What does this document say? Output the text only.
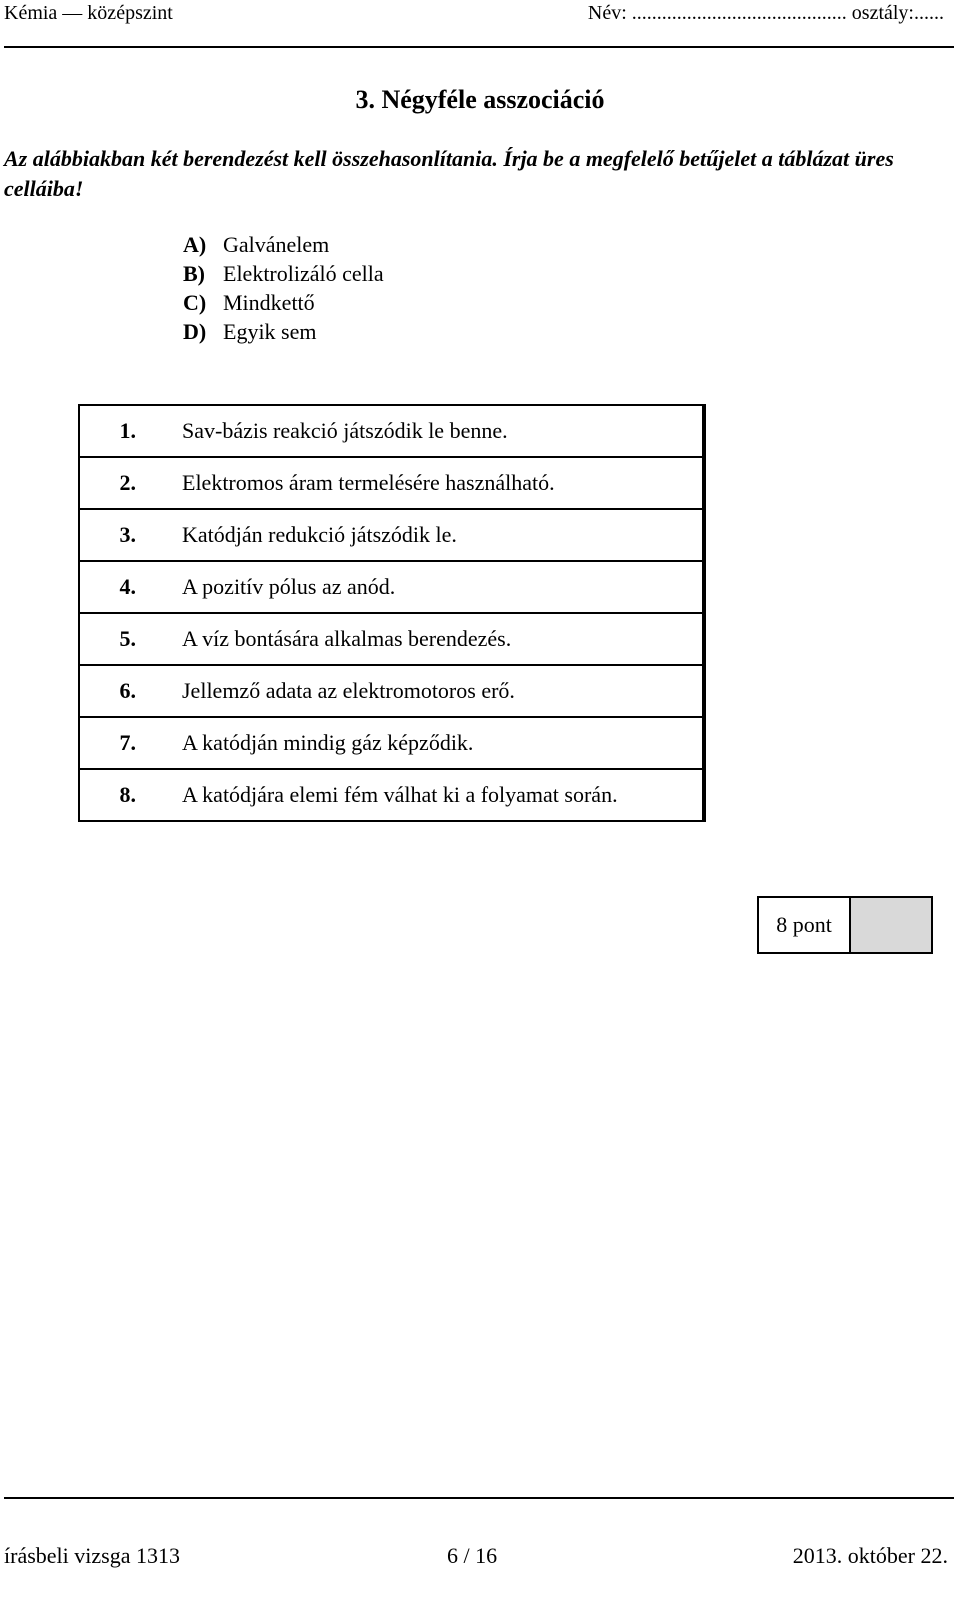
Kémia — középszint	Név: ........................................... osztály:......
3. Négyféle asszociáció
Az alábbiakban két berendezést kell összehasonlítania. Írja be a megfelelő betűjelet a táblázat üres celláiba!
A) Galvánelem
B) Elektrolizáló cella
C) Mindkettő
D) Egyik sem
1.	Sav-bázis reakció játszódik le benne.	
2.	Elektromos áram termelésére használható.	
3.	Katódján redukció játszódik le.	
4.	A pozitív pólus az anód.	
5.	A víz bontására alkalmas berendezés.	
6.	Jellemző adata az elektromotoros erő.	
7.	A katódján mindig gáz képződik.	
8.	A katódjára elemi fém válhat ki a folyamat során.	
8 pont
írásbeli vizsga 1313	6 / 16	2013. október 22.
